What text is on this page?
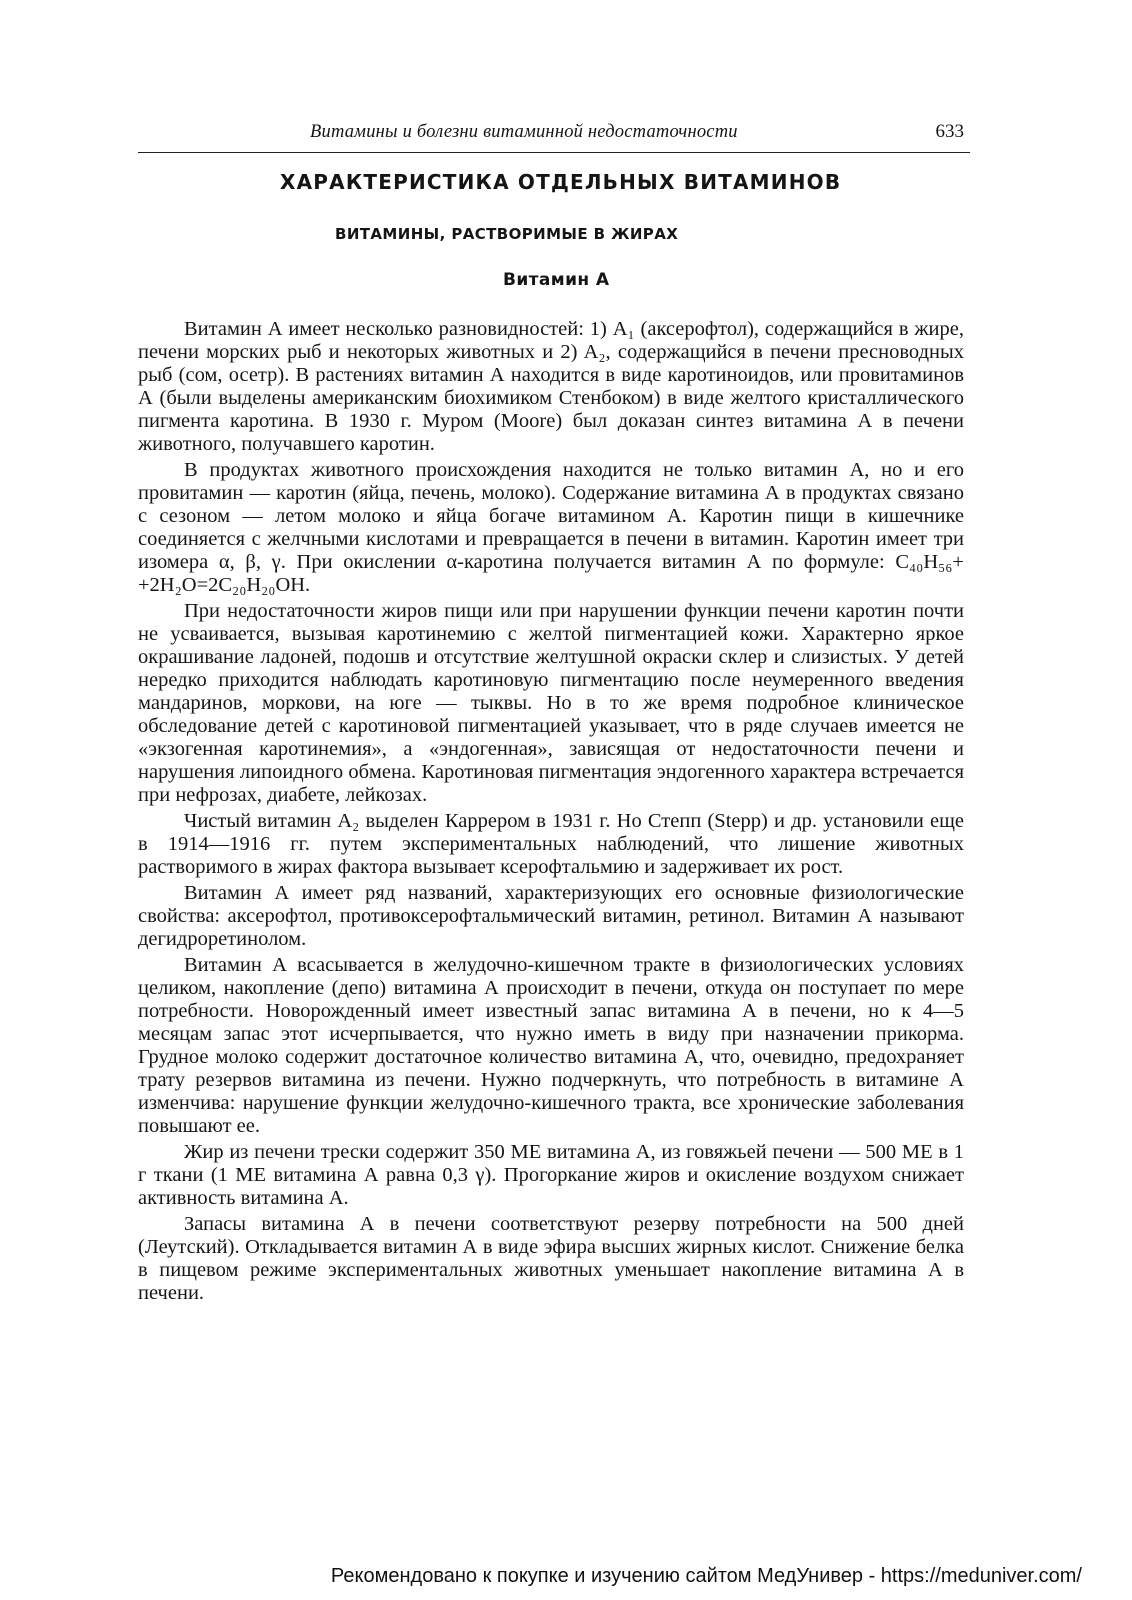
Витамины и болезни витаминной недостаточности	633
ХАРАКТЕРИСТИКА ОТДЕЛЬНЫХ ВИТАМИНОВ
ВИТАМИНЫ, РАСТВОРИМЫЕ В ЖИРАХ
Витамин А

Витамин А имеет несколько разновидностей: 1) A₁ (аксерофтол), содержащийся в жире, печени морских рыб и некоторых животных и 2) A₂, содержащийся в печени пресноводных рыб (сом, осетр). В растениях витамин А находится в виде каротиноидов, или провитаминов А (были выделены американским биохимиком Стенбоком) в виде желтого кристаллического пигмента каротина. В 1930 г. Муром (Moore) был доказан синтез витамина А в печени животного, получавшего каротин.

В продуктах животного происхождения находится не только витамин А, но и его провитамин — каротин (яйца, печень, молоко). Содержание витамина А в продуктах связано с сезоном — летом молоко и яйца богаче витамином А. Каротин пищи в кишечнике соединяется с желчными кислотами и превращается в печени в витамин. Каротин имеет три изомера α, β, γ. При окислении α-каротина получается витамин А по формуле: C₄₀H₅₆+ +2H₂O=2C₂₀H₂₀OH.

При недостаточности жиров пищи или при нарушении функции печени каротин почти не усваивается, вызывая каротинемию с желтой пигментацией кожи. Характерно яркое окрашивание ладоней, подошв и отсутствие желтушной окраски склер и слизистых. У детей нередко приходится наблюдать каротиновую пигментацию после неумеренного введения мандаринов, моркови, на юге — тыквы. Но в то же время подробное клиническое обследование детей с каротиновой пигментацией указывает, что в ряде случаев имеется не «экзогенная каротинемия», а «эндогенная», зависящая от недостаточности печени и нарушения липоидного обмена. Каротиновая пигментация эндогенного характера встречается при нефрозах, диабете, лейкозах.

Чистый витамин A₂ выделен Каррером в 1931 г. Но Степп (Stepp) и др. установили еще в 1914—1916 гг. путем экспериментальных наблюдений, что лишение животных растворимого в жирах фактора вызывает ксерофтальмию и задерживает их рост.

Витамин А имеет ряд названий, характеризующих его основные физиологические свойства: аксерофтол, противоксерофтальмический витамин, ретинол. Витамин А называют дегидроретинолом.

Витамин А всасывается в желудочно-кишечном тракте в физиологических условиях целиком, накопление (депо) витамина А происходит в печени, откуда он поступает по мере потребности. Новорожденный имеет известный запас витамина А в печени, но к 4—5 месяцам запас этот исчерпывается, что нужно иметь в виду при назначении прикорма. Грудное молоко содержит достаточное количество витамина А, что, очевидно, предохраняет трату резервов витамина из печени. Нужно подчеркнуть, что потребность в витамине А изменчива: нарушение функции желудочно-кишечного тракта, все хронические заболевания повышают ее.

Жир из печени трески содержит 350 МЕ витамина А, из говяжьей печени — 500 МЕ в 1 г ткани (1 МЕ витамина А равна 0,3 γ). Прогоркание жиров и окисление воздухом снижает активность витамина А.

Запасы витамина А в печени соответствуют резерву потребности на 500 дней (Леутский). Откладывается витамин А в виде эфира высших жирных кислот. Снижение белка в пищевом режиме экспериментальных животных уменьшает накопление витамина А в печени.

Рекомендовано к покупке и изучению сайтом МедУнивер - https://meduniver.com/
